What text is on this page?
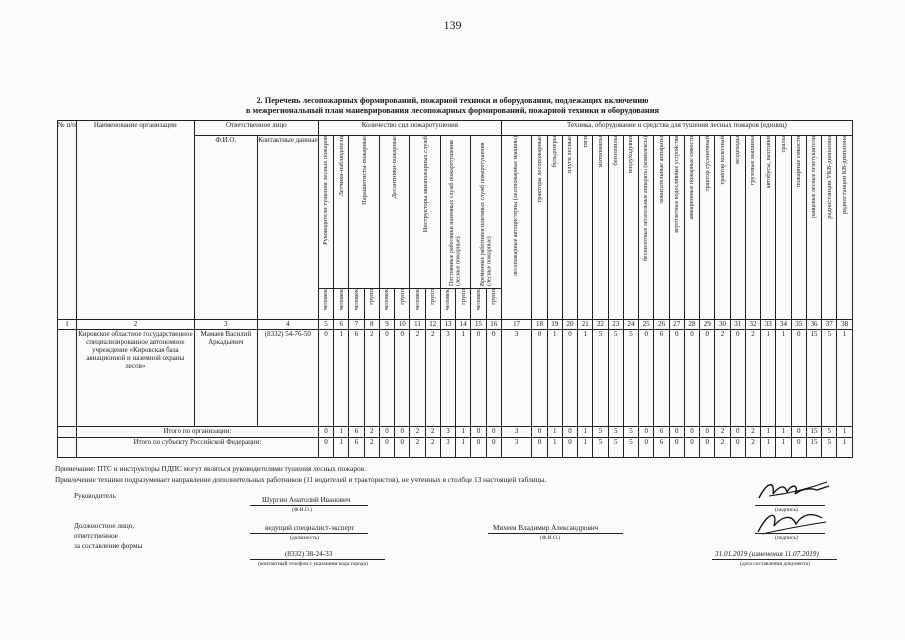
139
2. Перечень лесопожарных формирований, пожарной техники и оборудования, подлежащих включению
в межрегиональный план маневрирования лесопожарных формирований, пожарной техники и оборудования
№ п/п	Наименование организации	Ответственное лицо		Количество сил пожаротушения												Техника, оборудование и средства для тушения лесных пожаров (единиц)																					
		Ф.И.О.	Контактные данные	Руководители тушения лесных пожаров	Летчики-наблюдатели	Парашютисты-пожарные		Десантники-пожарные		Инструкторы авиапожарных служб		Постоянные работники наземных служб пожаротушения (лесные пожарные)		Временные работники наземных служб пожаротушения (лесные пожарные)		лесопожарные автоцистерны (лесопожарные машины)	тракторы лесопожарные	бульдозеры	плуги лесные	тяги	мотопомпы	бензопилы	воздуходувки	беспилотные летательные аппараты (комплексы)	зажигательные аппараты	вертолетные водосливные устройства	авиационные пожарные емкости	трактор гусеничный	трактор колесный	вездеходы	грузовые машины	автобусы, вахтовки	тралы	пожарные емкости	ранцевые лесные огнетушители	радиостанции УКВ-диапазона	радиостанции КВ-диапазона
				человек	человек	человек	групп	человек	групп	человек	групп	человек	групп	человек	групп																						
1	2	3	4	5	6	7	8	9	10	11	12	13	14	15	16	17	18	19	20	21	22	23	24	25	26	27	28	29	30	31	32	33	34	35	36	37	38
	Кировское областное государственное специализированное автономное учреждение «Кировская база авиационной и наземной охраны лесов»	Мамаев Василий Аркадьевич	(8332) 54-76-50	0	1	6	2	0	0	2	2	3	1	0	0	3	0	1	0	1	5	5	5	0	6	0	0	0	2	0	2	1	1	0	15	5	1
	Итого по организации:			0	1	6	2	0	0	2	2	3	1	0	0	3	0	1	0	1	5	5	5	0	6	0	0	0	2	0	2	1	1	0	15	5	1
	Итого по субъекту Российской Федерации:			0	1	6	2	0	0	2	2	3	1	0	0	3	0	1	0	1	5	5	5	0	6	0	0	0	2	0	2	1	1	0	15	5	1
Примечание: ПТС и инструкторы ПДПС могут являться руководителями тушения лесных пожаров.
Привлечение техники подразумевает направление дополнительных работников (11 водителей и трактористов), не учтенных в столбце 13 настоящей таблицы.
Руководитель	Шургин Анатолий Иванович
(Ф.И.О.)	(подпись)
Должностное лицо,
ответственное
за составление формы
ведущий специалист-эксперт
(должность)
Михеев Владимир Александрович
(Ф.И.О.)	(подпись)
(8332) 38-24-33
(контактный телефон с указанием кода города)
31.01.2019 (изменения 11.07.2019)
(дата составления документа)
